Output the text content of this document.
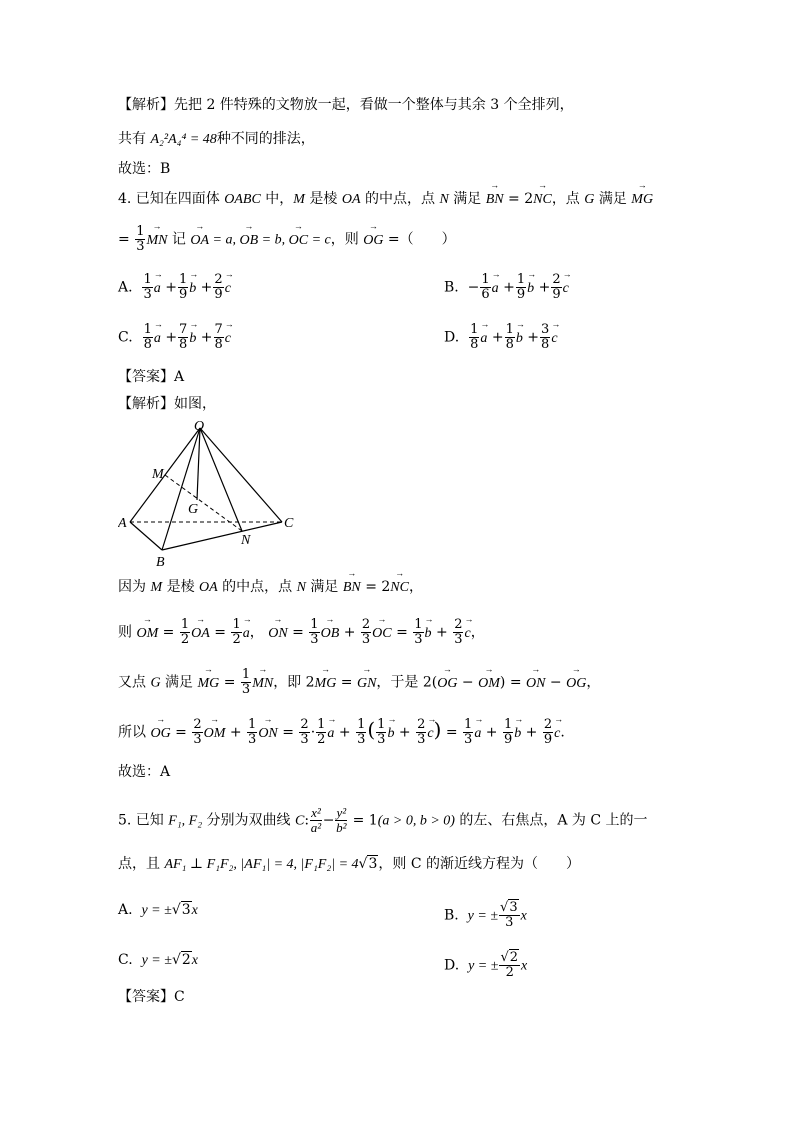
【解析】先把 2 件特殊的文物放一起，看做一个整体与其余 3 个全排列，
共有 A₂²A₄⁴ = 48种不同的排法，
故选：B
4. 已知在四面体 OABC 中，M 是棱 OA 的中点，点 N 满足 → BN = 2→ NC，点 G 满足 → MG
= $\frac{1}{3}$
→ MN 记 → OA = a, → OB = b, → OC = c，则 → OG =（　　）
A. $\frac{1}{3}$
→ $a + \frac{1}{9}$
→ $b + \frac{2}{9}$
→ c	B. − $\frac{1}{6}$
→ $a + \frac{1}{9}$
→ $b + \frac{2}{9}$
→ c
C. $\frac{1}{8}$
→ $a + \frac{7}{8}$
→ $b + \frac{7}{8}$
→ c	D. $\frac{1}{8}$
→ $a + \frac{1}{8}$
→ $b + \frac{3}{8}$
→ c
【答案】A
【解析】如图，
O
M
G
A	C
N
B
因为 M 是棱 OA 的中点，点 N 满足 → BN = 2→ NC，
则 → OM = $\frac{1}{2}$
→ OA = $\frac{1}{2}$
→ a， → ON = $\frac{1}{3}$
→ OB + $\frac{2}{3}$
→ OC = $\frac{1}{3}$
→ $b + \frac{2}{3}$
→ c，
又点 G 满足 → MG = $\frac{1}{3}$
→ MN，即 2→ MG = → GN，于是 2(→ OG − → OM) = → ON − → OG，
所以 → OG = $\frac{2}{3}$
→ OM + $\frac{1}{3}$
→ ON = $\frac{2}{3} \cdot \frac{1}{2}$
→ $a + \frac{1}{3}$ ( $\frac{1}{3}$
→ $b + \frac{2}{3}$
→ $c) = \frac{1}{3}$
→ $a + \frac{1}{9}$
→ $b + \frac{2}{9}$
→ c.
故选：A
5. 已知 F₁, F₂ 分别为双曲线 C: $\frac{\text{x²}}{\text{a²}} - \frac{\text{y²}}{\text{b²}} = 1(a > 0$, b > 0) 的左、右焦点，A 为 C 上的一
点，且 AF₁ ⊥ F₁F₂, |AF₁| = 4, |F₁F₂| = 4√3，则 C 的渐近线方程为（　　）
A. y = ±√3x	B. y = ± $\frac{√3}{3}$ x
C. y = ±√2x	D. y = ± $\frac{√2}{2}$ x
【答案】C
